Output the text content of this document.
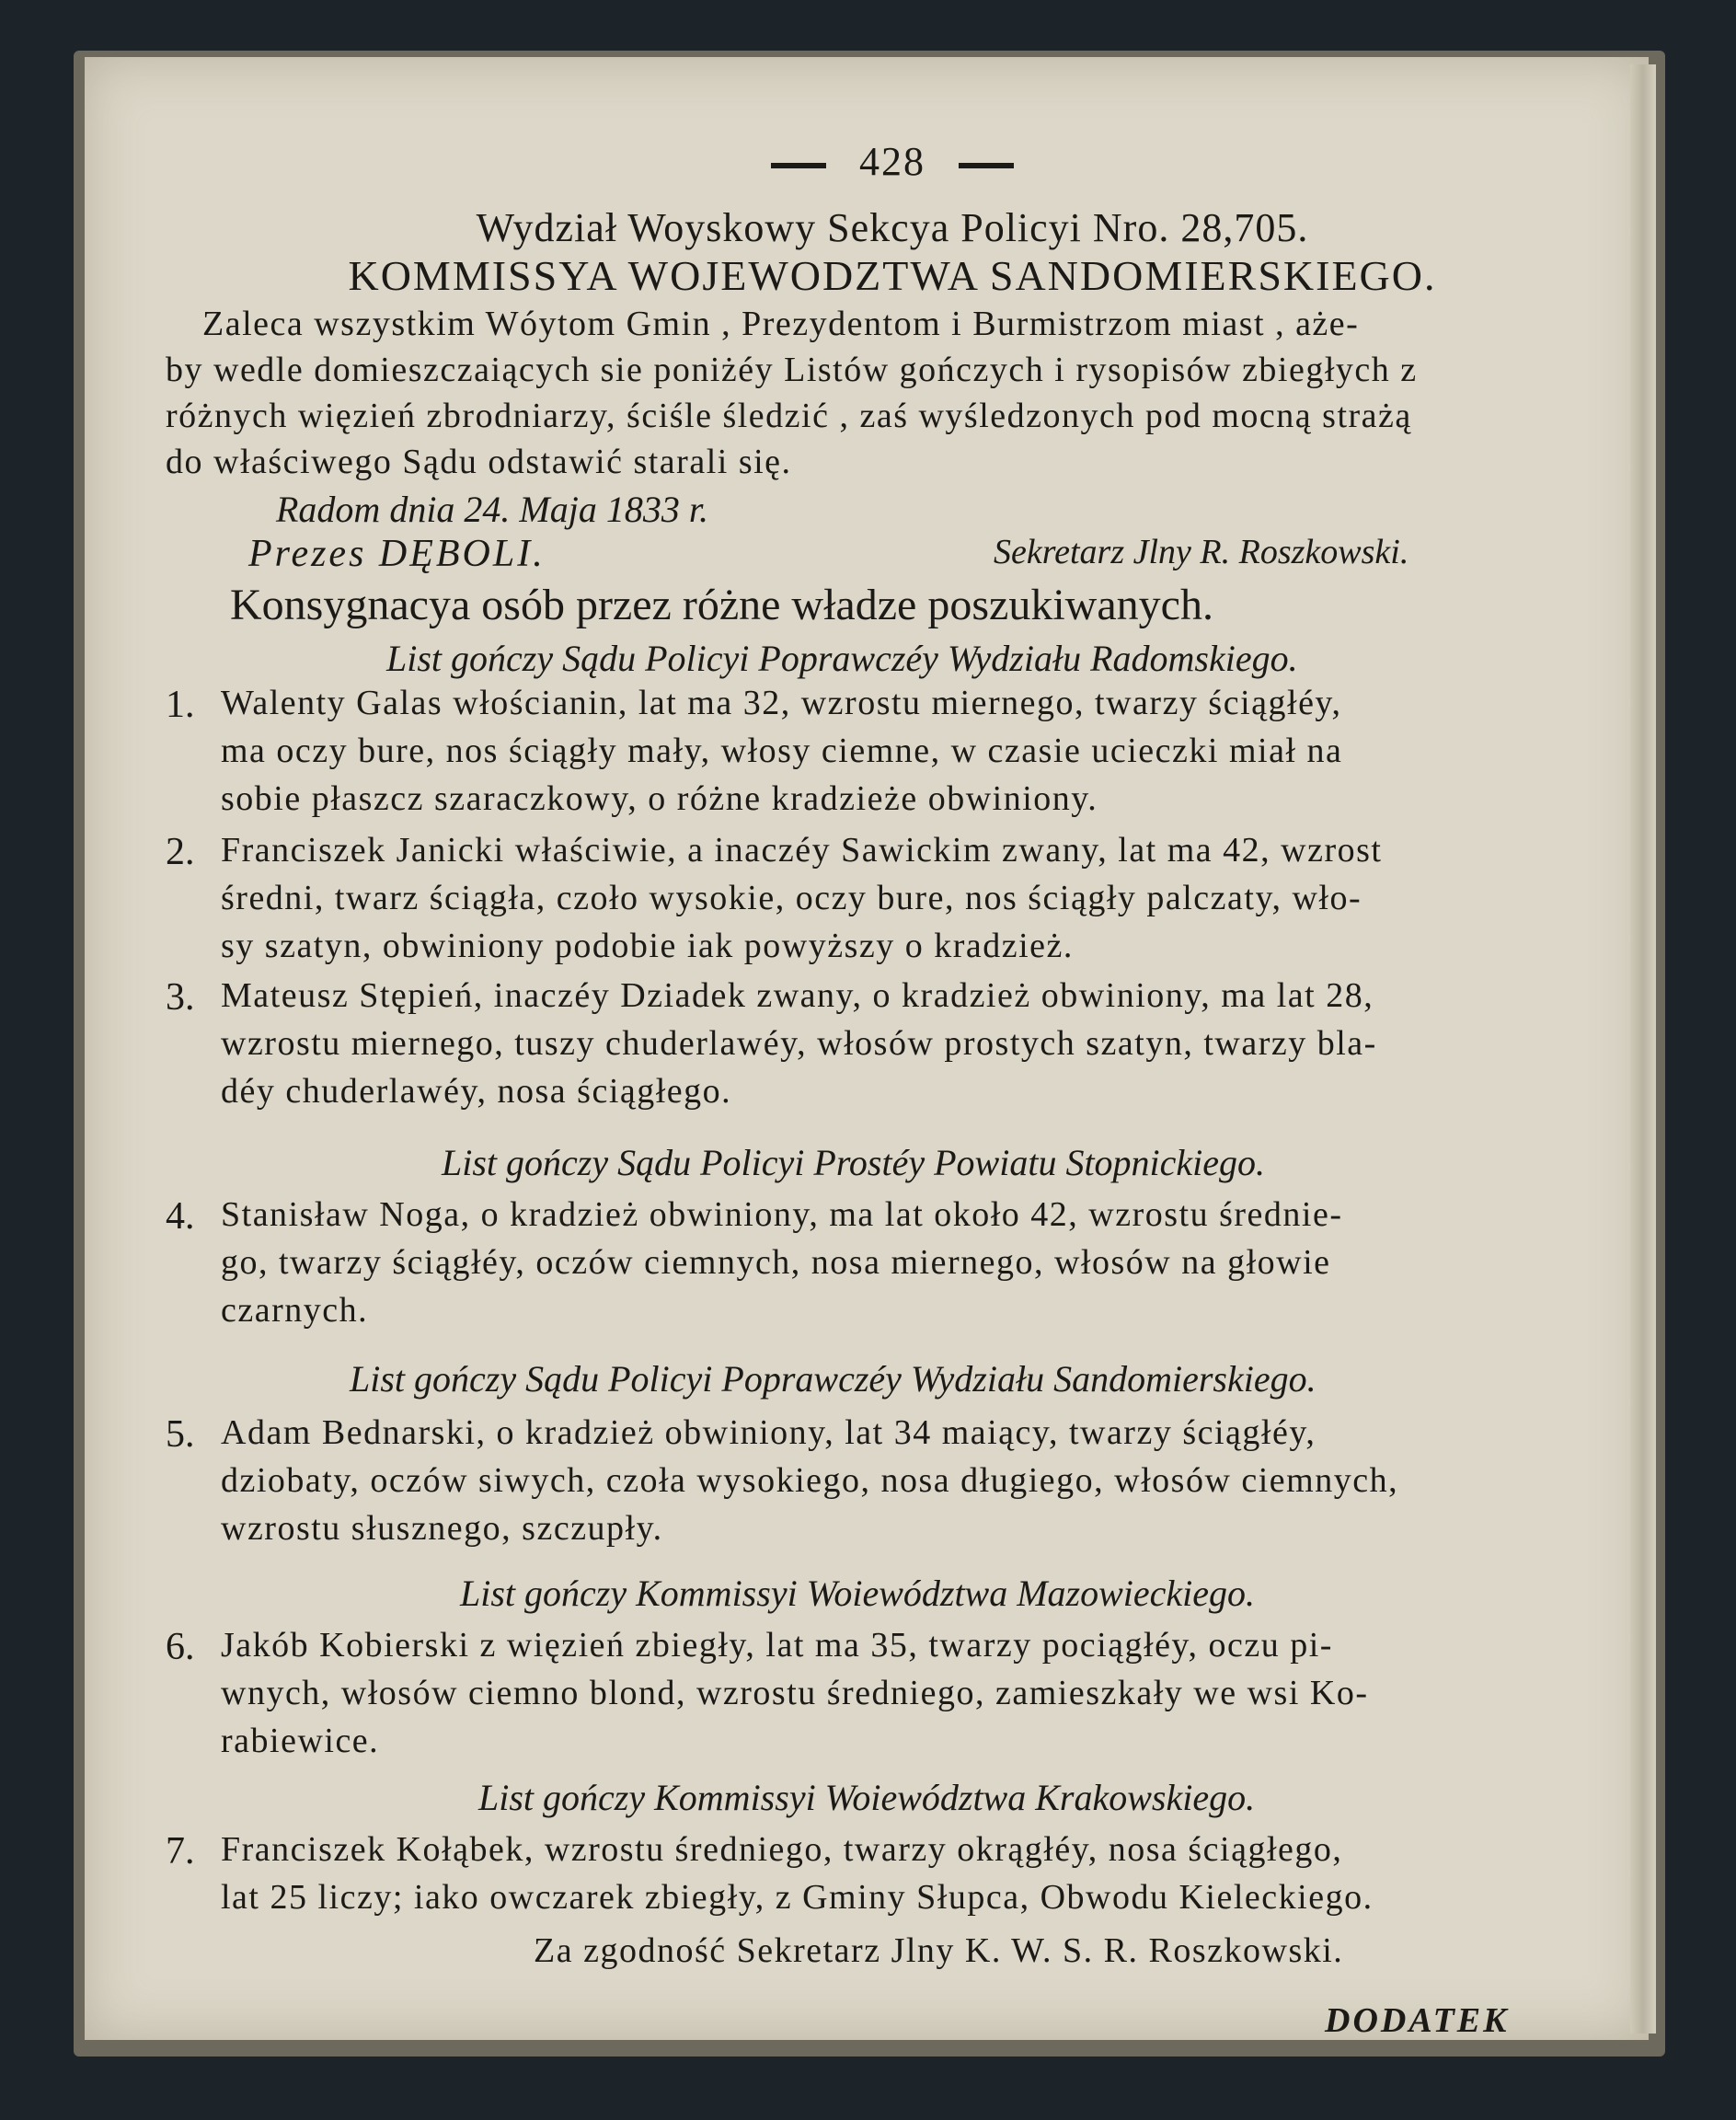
428
Wydział Woyskowy Sekcya Policyi Nro. 28,705.
KOMMISSYA WOJEWODZTWA SANDOMIERSKIEGO.
Zaleca wszystkim Wóytom Gmin , Prezydentom i Burmistrzom miast , aże-
by wedle domieszczaiących sie poniżéy Listów gończych i rysopisów zbiegłych z
różnych więzień zbrodniarzy, ściśle śledzić , zaś wyśledzonych pod mocną strażą
do właściwego Sądu odstawić starali się.
Radom dnia 24. Maja 1833 r.
Prezes DĘBOLI.	Sekretarz Jlny R. Roszkowski.
Konsygnacya osób przez różne władze poszukiwanych.
List gończy Sądu Policyi Poprawczéy Wydziału Radomskiego.
1. Walenty Galas włościanin, lat ma 32, wzrostu miernego, twarzy ściągłéy,
ma oczy bure, nos ściągły mały, włosy ciemne, w czasie ucieczki miał na
sobie płaszcz szaraczkowy, o różne kradzieże obwiniony.
2. Franciszek Janicki właściwie, a inaczéy Sawickim zwany, lat ma 42, wzrost
średni, twarz ściągła, czoło wysokie, oczy bure, nos ściągły palczaty, wło-
sy szatyn, obwiniony podobie iak powyższy o kradzież.
3. Mateusz Stępień, inaczéy Dziadek zwany, o kradzież obwiniony, ma lat 28,
wzrostu miernego, tuszy chuderlawéy, włosów prostych szatyn, twarzy bla-
déy chuderlawéy, nosa ściągłego.
List gończy Sądu Policyi Prostéy Powiatu Stopnickiego.
4. Stanisław Noga, o kradzież obwiniony, ma lat około 42, wzrostu średnie-
go, twarzy ściągłéy, oczów ciemnych, nosa miernego, włosów na głowie
czarnych.
List gończy Sądu Policyi Poprawczéy Wydziału Sandomierskiego.
5. Adam Bednarski, o kradzież obwiniony, lat 34 maiący, twarzy ściągłéy,
dziobaty, oczów siwych, czoła wysokiego, nosa długiego, włosów ciemnych,
wzrostu słusznego, szczupły.
List gończy Kommissyi Woiewództwa Mazowieckiego.
6. Jakób Kobierski z więzień zbiegły, lat ma 35, twarzy pociągłéy, oczu pi-
wnych, włosów ciemno blond, wzrostu średniego, zamieszkały we wsi Ko-
rabiewice.
List gończy Kommissyi Woiewództwa Krakowskiego.
7. Franciszek Kołąbek, wzrostu średniego, twarzy okrągłéy, nosa ściągłego,
lat 25 liczy; iako owczarek zbiegły, z Gminy Słupca, Obwodu Kieleckiego.
Za zgodność Sekretarz Jlny K. W. S. R. Roszkowski.
DODATEK
